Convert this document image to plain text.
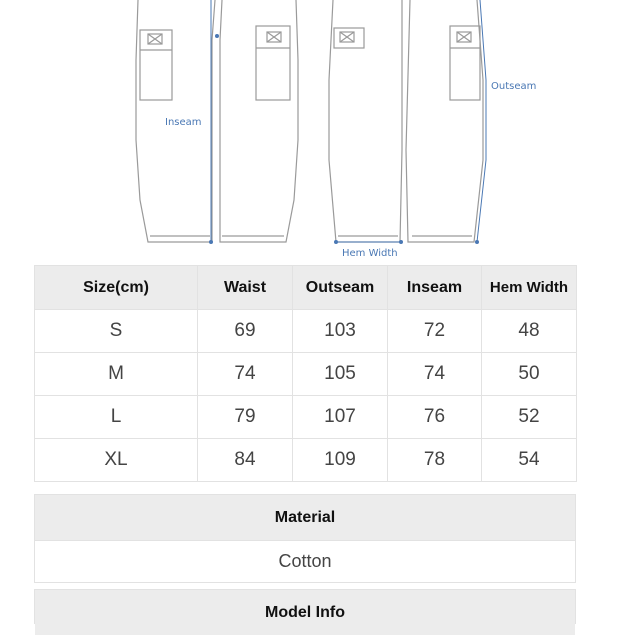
Inseam
Outseam
Hem Width
Size(cm)	Waist	Outseam	Inseam	Hem Width
S	69	103	72	48
M	74	105	74	50
L	79	107	76	52
XL	84	109	78	54
Material
Cotton
Model Info
